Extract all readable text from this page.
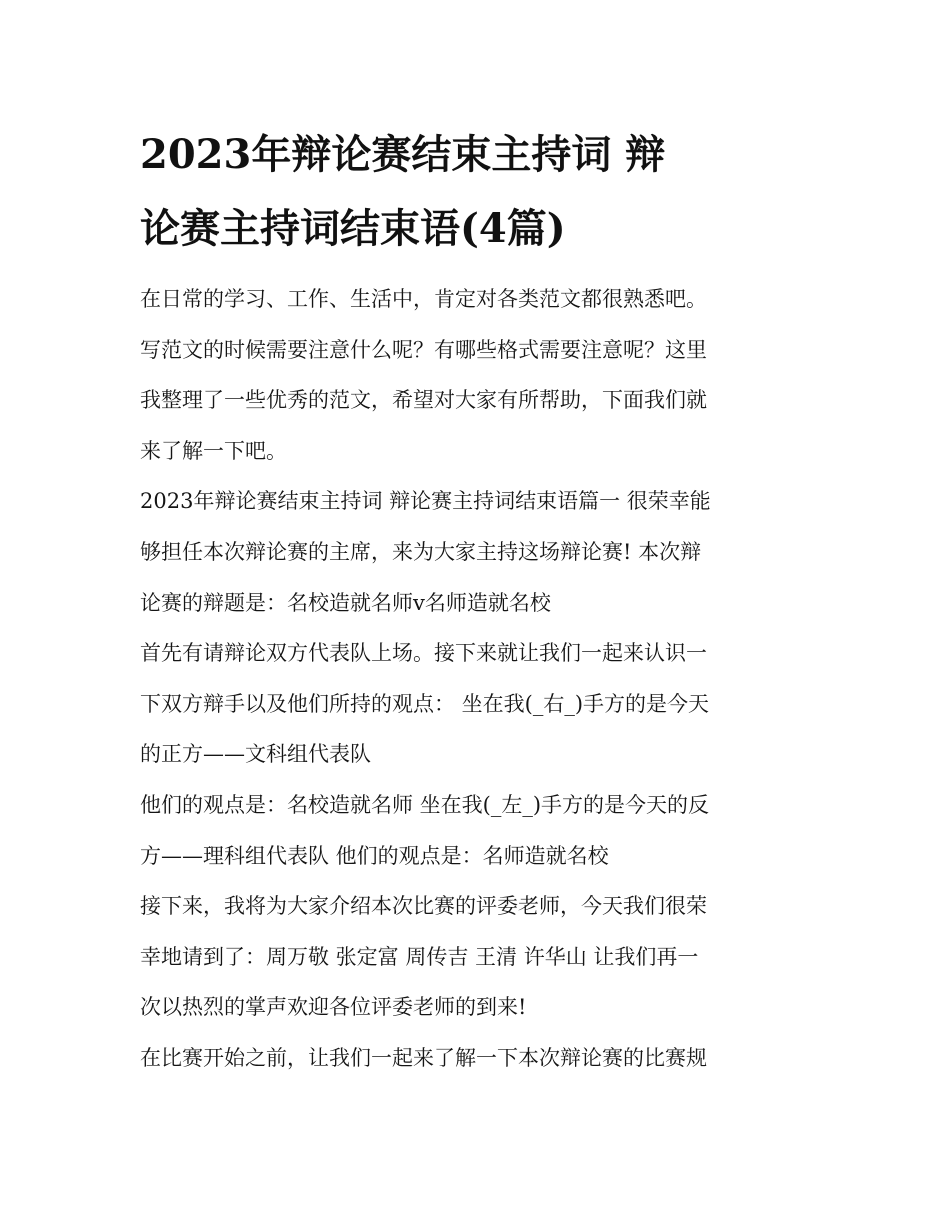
2023年辩论赛结束主持词 辩
论赛主持词结束语(4篇)
在日常的学习、工作、生活中，肯定对各类范文都很熟悉吧。
写范文的时候需要注意什么呢？有哪些格式需要注意呢？这里
我整理了一些优秀的范文，希望对大家有所帮助，下面我们就
来了解一下吧。
2023年辩论赛结束主持词 辩论赛主持词结束语篇一 很荣幸能
够担任本次辩论赛的主席，来为大家主持这场辩论赛! 本次辩
论赛的辩题是：名校造就名师v名师造就名校
首先有请辩论双方代表队上场。接下来就让我们一起来认识一
下双方辩手以及他们所持的观点： 坐在我(_右_)手方的是今天
的正方——文科组代表队
他们的观点是：名校造就名师 坐在我(_左_)手方的是今天的反
方——理科组代表队 他们的观点是：名师造就名校
接下来，我将为大家介绍本次比赛的评委老师，今天我们很荣
幸地请到了：周万敬 张定富 周传吉 王清 许华山 让我们再一
次以热烈的掌声欢迎各位评委老师的到来!
在比赛开始之前，让我们一起来了解一下本次辩论赛的比赛规
